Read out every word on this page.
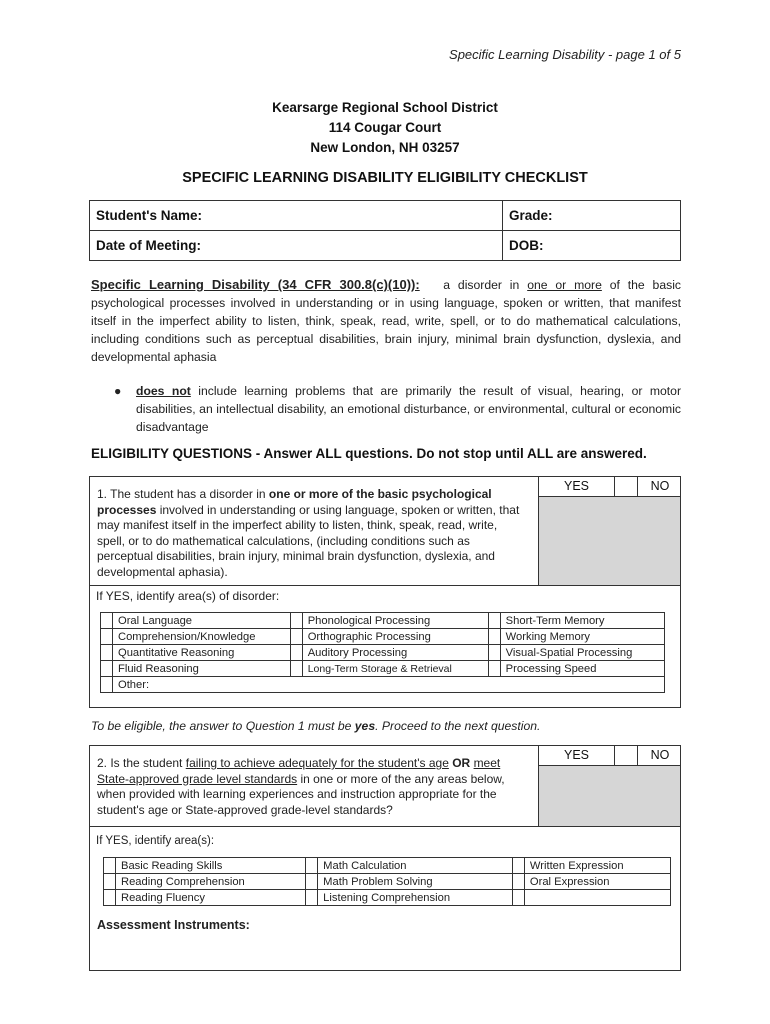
Specific Learning Disability - page 1 of 5
Kearsarge Regional School District
114 Cougar Court
New London, NH 03257
SPECIFIC LEARNING DISABILITY ELIGIBILITY CHECKLIST
Student's Name:	Grade:
Date of Meeting:	DOB:
Specific Learning Disability (34 CFR 300.8(c)(10)): a disorder in one or more of the basic psychological processes involved in understanding or in using language, spoken or written, that manifest itself in the imperfect ability to listen, think, speak, read, write, spell, or to do mathematical calculations, including conditions such as perceptual disabilities, brain injury, minimal brain dysfunction, dyslexia, and developmental aphasia
● does not include learning problems that are primarily the result of visual, hearing, or motor disabilities, an intellectual disability, an emotional disturbance, or environmental, cultural or economic disadvantage
ELIGIBILITY QUESTIONS - Answer ALL questions. Do not stop until ALL are answered.
1. The student has a disorder in one or more of the basic psychological processes involved in understanding or using language, spoken or written, that may manifest itself in the imperfect ability to listen, think, speak, read, write, spell, or to do mathematical calculations, (including conditions such as perceptual disabilities, brain injury, minimal brain dysfunction, dyslexia, and developmental aphasia).
YES	NO
If YES, identify area(s) of disorder:
	Oral Language		Phonological Processing		Short-Term Memory
	Comprehension/Knowledge		Orthographic Processing		Working Memory
	Quantitative Reasoning		Auditory Processing		Visual-Spatial Processing
	Fluid Reasoning		Long-Term Storage & Retrieval		Processing Speed
	Other:				
To be eligible, the answer to Question 1 must be yes. Proceed to the next question.
2. Is the student failing to achieve adequately for the student's age OR meet State-approved grade level standards in one or more of the any areas below, when provided with learning experiences and instruction appropriate for the student's age or State-approved grade-level standards?
YES	NO
If YES, identify area(s):
	Basic Reading Skills		Math Calculation		Written Expression
	Reading Comprehension		Math Problem Solving		Oral Expression
	Reading Fluency		Listening Comprehension		
Assessment Instruments:
